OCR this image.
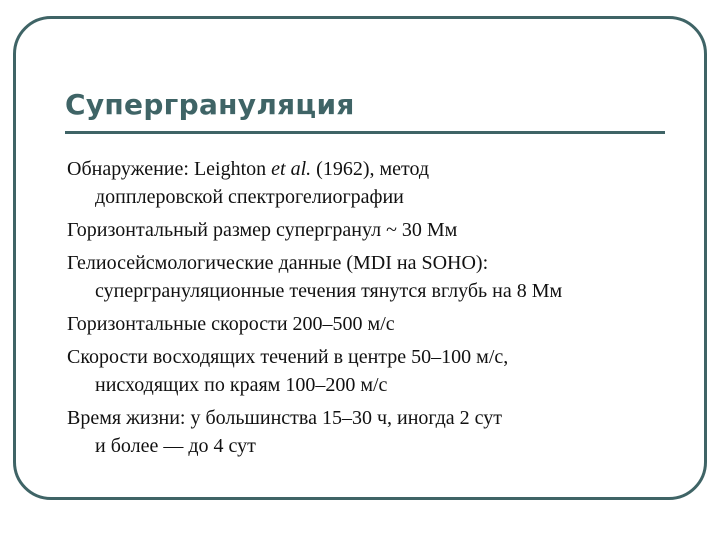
Супергрануляция
Обнаружение: Leighton et al. (1962), метод
допплеровской спектрогелиографии
Горизонтальный размер супергранул ~ 30 Мм
Гелиосейсмологические данные (MDI на SOHO):
супергрануляционные течения тянутся вглубь на 8 Мм
Горизонтальные скорости 200–500 м/с
Скорости восходящих течений в центре 50–100 м/с,
нисходящих по краям 100–200 м/с
Время жизни: у большинства 15–30 ч, иногда 2 сут
и более — до 4 сут
